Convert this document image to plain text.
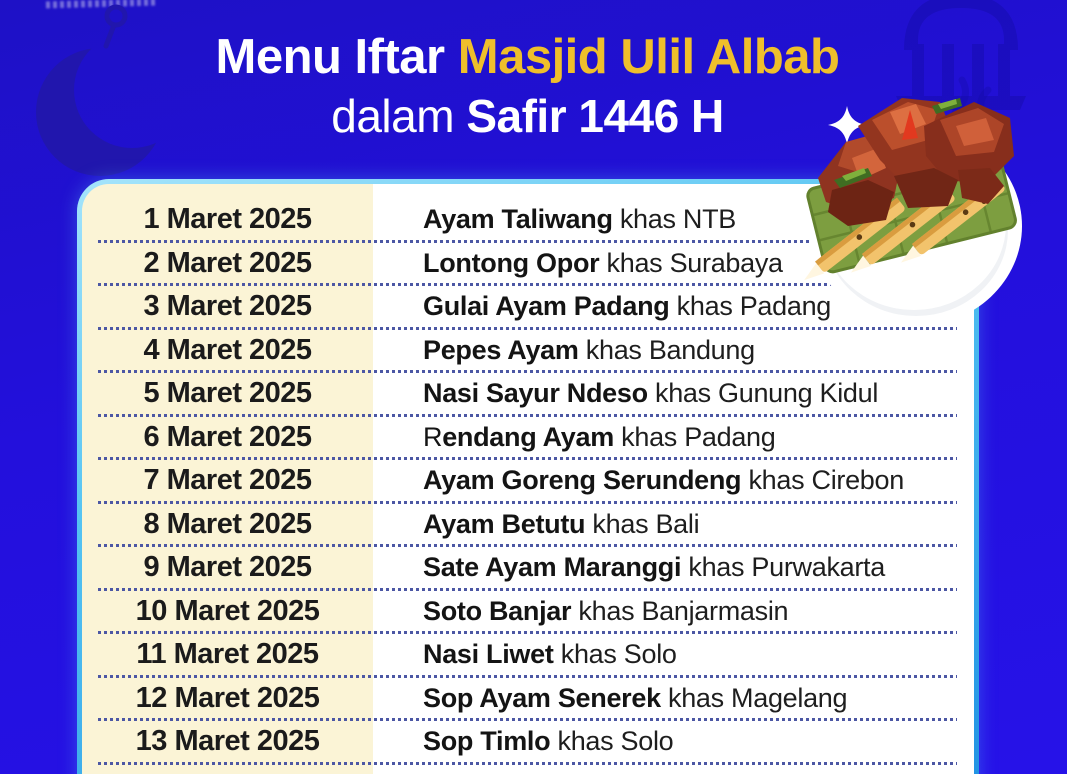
Menu Iftar Masjid Ulil Albab
dalam Safir 1446 H
1 Maret 2025	Ayam Taliwang khas NTB
2 Maret 2025	Lontong Opor khas Surabaya
3 Maret 2025	Gulai Ayam Padang khas Padang
4 Maret 2025	Pepes Ayam khas Bandung
5 Maret 2025	Nasi Sayur Ndeso khas Gunung Kidul
6 Maret 2025	Rendang Ayam khas Padang
7 Maret 2025	Ayam Goreng Serundeng khas Cirebon
8 Maret 2025	Ayam Betutu khas Bali
9 Maret 2025	Sate Ayam Maranggi khas Purwakarta
10 Maret 2025	Soto Banjar khas Banjarmasin
11 Maret 2025	Nasi Liwet khas Solo
12 Maret 2025	Sop Ayam Senerek khas Magelang
13 Maret 2025	Sop Timlo khas Solo
